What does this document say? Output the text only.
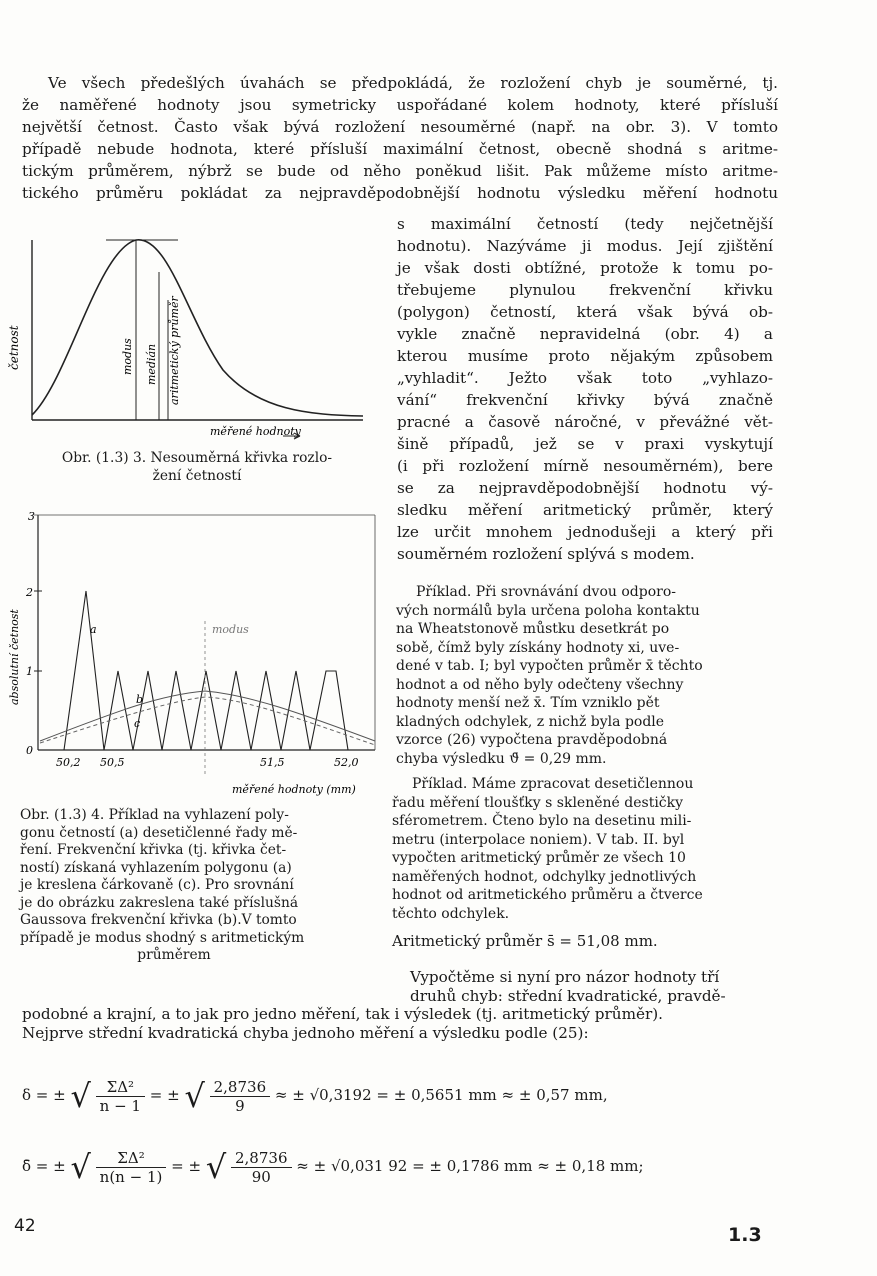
Ve všech předešlých úvahách se předpokládá, že rozložení chyb je souměrné, tj.
že naměřené hodnoty jsou symetricky uspořádané kolem hodnoty, které přísluší
největší četnost. Často však bývá rozložení nesouměrné (např. na obr. 3). V tomto
případě nebude hodnota, které přísluší maximální četnost, obecně shodná s aritme-
tickým průměrem, nýbrž se bude od něho poněkud lišit. Pak můžeme místo aritme-
tického průměru pokládat za nejpravděpodobnější hodnotu výsledku měření hodnotu
četnost	modus medián aritmetický průměr
měřené hodnoty
Obr. (1.3) 3. Nesouměrná křivka rozlo-
žení četností
s maximální četností (tedy nejčetnější
hodnotu). Nazýváme ji modus. Její zjištění
je však dosti obtížné, protože k tomu po-
třebujeme plynulou frekvenční křivku
(polygon) četností, která však bývá ob-
vykle značně nepravidelná (obr. 4) a
kterou musíme proto nějakým způsobem
„vyhladit“. Ježto však toto „vyhlazo-
vání“ frekvenční křivky bývá značně
pracné a časově náročné, v převážné vět-
šině případů, jež se v praxi vyskytují
(i při rozložení mírně nesouměrném), bere
se za nejpravděpodobnější hodnotu vý-
sledku měření aritmetický průměr, který
lze určit mnohem jednodušeji a který při
souměrném rozložení splývá s modem.
0
1
2
3
absolutní četnost	a
b
c
modus
50,2 50,5	51,5	52,0
měřené hodnoty (mm)
Obr. (1.3) 4. Příklad na vyhlazení poly-
gonu četností (a) desetičlenné řady mě-
ření. Frekvenční křivka (tj. křivka čet-
ností) získaná vyhlazením polygonu (a)
je kreslena čárkovaně (c). Pro srovnání
je do obrázku zakreslena také příslušná
Gaussova frekvenční křivka (b).V tomto
případě je modus shodný s aritmetickým
průměrem
Příklad. Při srovnávání dvou odporo-
vých normálů byla určena poloha kontaktu
na Wheatstonově můstku desetkrát po
sobě, čímž byly získány hodnoty xi, uve-
dené v tab. I; byl vypočten průměr x̄ těchto
hodnot a od něho byly odečteny všechny
hodnoty menší než x̄. Tím vzniklo pět
kladných odchylek, z nichž byla podle
vzorce (26) vypočtena pravděpodobná
chyba výsledku ϑ̄ = 0,29 mm.
Příklad. Máme zpracovat desetičlennou
řadu měření tloušťky s skleněné destičky
sférometrem. Čteno bylo na desetinu mili-
metru (interpolace noniem). V tab. II. byl
vypočten aritmetický průměr ze všech 10
naměřených hodnot, odchylky jednotlivých
hodnot od aritmetického průměru a čtverce
těchto odchylek.
Aritmetický průměr s̄ = 51,08 mm.
Vypočtěme si nyní pro názor hodnoty tří
druhů chyb: střední kvadratické, pravdě-
podobné a krajní, a to jak pro jedno měření, tak i výsledek (tj. aritmetický průměr).
Nejprve střední kvadratická chyba jednoho měření a výsledku podle (25):
δ = ± √ $\frac{\text{ΣΔ²}}{n - 1}$ = ± √ $\frac{2,8736}{9}$ ≈ ± √0,3192 = ± 0,5651 mm ≈ ± 0,57 mm,
δ̄ = ± √ $\frac{\text{ΣΔ²}}{n(n - 1)}$ = ± √ $\frac{2,8736}{90}$ ≈ ± √0,031 92 = ± 0,1786 mm ≈ ± 0,18 mm;
42	1.3
